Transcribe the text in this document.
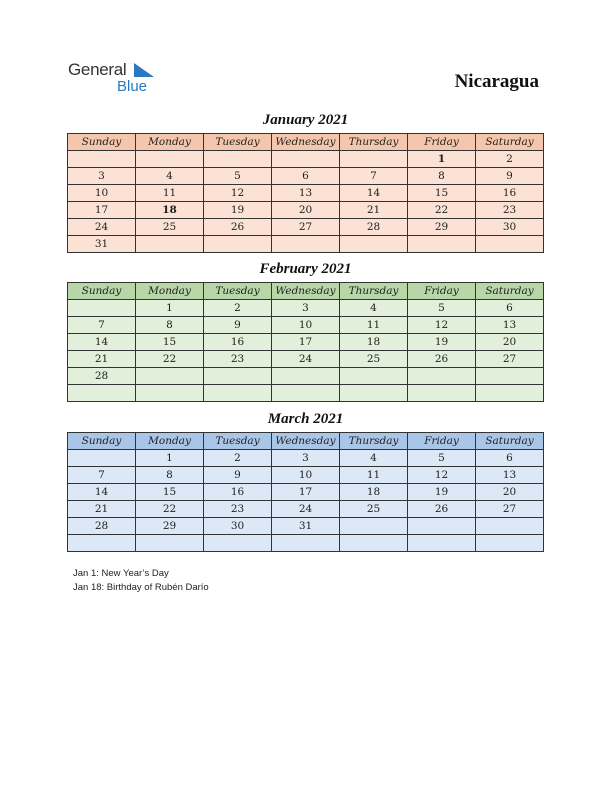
General
Blue	Nicaragua
January 2021
Sunday	Monday	Tuesday	Wednesday	Thursday	Friday	Saturday
					1	2
3	4	5	6	7	8	9
10	11	12	13	14	15	16
17	18	19	20	21	22	23
24	25	26	27	28	29	30
31						
February 2021
Sunday	Monday	Tuesday	Wednesday	Thursday	Friday	Saturday
	1	2	3	4	5	6
7	8	9	10	11	12	13
14	15	16	17	18	19	20
21	22	23	24	25	26	27
28						

March 2021
Sunday	Monday	Tuesday	Wednesday	Thursday	Friday	Saturday
	1	2	3	4	5	6
7	8	9	10	11	12	13
14	15	16	17	18	19	20
21	22	23	24	25	26	27
28	29	30	31			

Jan 1: New Year’s Day
Jan 18: Birthday of Rubén Darío
